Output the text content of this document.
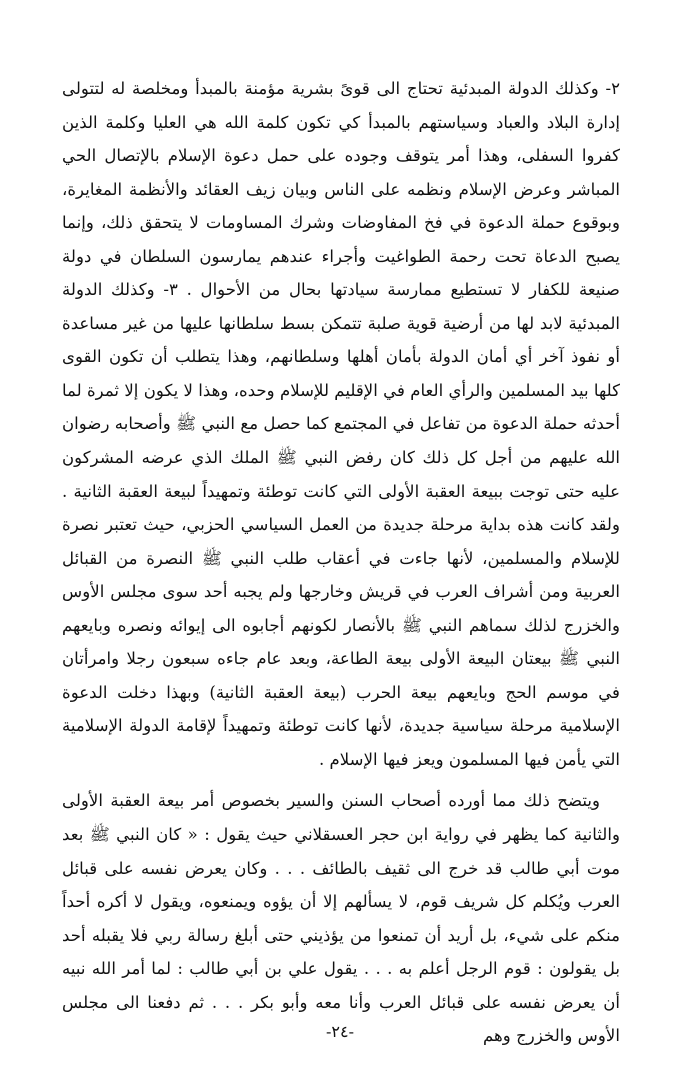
٢- وكذلك الدولة المبدئية تحتاج الى قوىً بشرية مؤمنة بالمبدأ ومخلصة له لتتولى إدارة البلاد والعباد وسياستهم بالمبدأ كي تكون كلمة الله هي العليا وكلمة الذين كفروا السفلى، وهذا أمر يتوقف وجوده على حمل دعوة الإسلام بالإتصال الحي المباشر وعرض الإسلام ونظمه على الناس وبيان زيف العقائد والأنظمة المغايرة، وبوقوع حملة الدعوة في فخ المفاوضات وشرك المساومات لا يتحقق ذلك، وإنما يصبح الدعاة تحت رحمة الطواغيت وأجراء عندهم يمارسون السلطان في دولة صنيعة للكفار لا تستطيع ممارسة سيادتها بحال من الأحوال . ٣- وكذلك الدولة المبدئية لابد لها من أرضية قوية صلبة تتمكن بسط سلطانها عليها من غير مساعدة أو نفوذ آخر أي أمان الدولة بأمان أهلها وسلطانهم، وهذا يتطلب أن تكون القوى كلها بيد المسلمين والرأي العام في الإقليم للإسلام وحده، وهذا لا يكون إلا ثمرة لما أحدثه حملة الدعوة من تفاعل في المجتمع كما حصل مع النبي ﷺ وأصحابه رضوان الله عليهم من أجل كل ذلك كان رفض النبي ﷺ الملك الذي عرضه المشركون عليه حتى توجت ببيعة العقبة الأولى التي كانت توطئة وتمهيداً لبيعة العقبة الثانية . ولقد كانت هذه بداية مرحلة جديدة من العمل السياسي الحزبي، حيث تعتبر نصرة للإسلام والمسلمين، لأنها جاءت في أعقاب طلب النبي ﷺ النصرة من القبائل العربية ومن أشراف العرب في قريش وخارجها ولم يجبه أحد سوى مجلس الأوس والخزرج لذلك سماهم النبي ﷺ بالأنصار لكونهم أجابوه الى إيوائه ونصره وبايعهم النبي ﷺ بيعتان البيعة الأولى بيعة الطاعة، وبعد عام جاءه سبعون رجلا وامرأتان في موسم الحج وبايعهم بيعة الحرب (بيعة العقبة الثانية) وبهذا دخلت الدعوة الإسلامية مرحلة سياسية جديدة، لأنها كانت توطئة وتمهيداً لإقامة الدولة الإسلامية التي يأمن فيها المسلمون ويعز فيها الإسلام .

ويتضح ذلك مما أورده أصحاب السنن والسير بخصوص أمر بيعة العقبة الأولى والثانية كما يظهر في رواية ابن حجر العسقلاني حيث يقول : « كان النبي ﷺ بعد موت أبي طالب قد خرج الى ثقيف بالطائف . . . وكان يعرض نفسه على قبائل العرب ويُكلم كل شريف قوم، لا يسألهم إلا أن يؤوه ويمنعوه، ويقول لا أكره أحداً منكم على شيء، بل أريد أن تمنعوا من يؤذيني حتى أبلغ رسالة ربي فلا يقبله أحد بل يقولون : قوم الرجل أعلم به . . . يقول علي بن أبي طالب : لما أمر الله نبيه أن يعرض نفسه على قبائل العرب وأنا معه وأبو بكر . . . ثم دفعنا الى مجلس الأوس والخزرج وهم

-٢٤-
